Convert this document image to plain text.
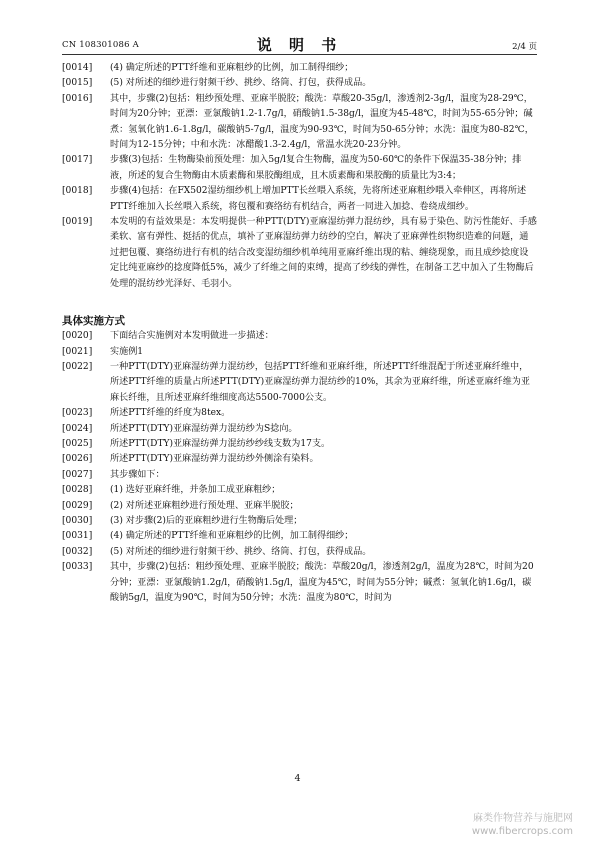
CN 108301086 A	说 明 书	2/4 页
[0014]	(4) 确定所述的PTT纤维和亚麻粗纱的比例，加工制得细纱；
[0015]	(5) 对所述的细纱进行射频干纱、挑纱、络筒、打包，获得成品。
[0016]	其中，步骤(2)包括：粗纱预处理、亚麻半脱胶；酸洗：草酸20-35g/l，渗透剂2-3g/l，温度为28-29℃，时间为20分钟；亚漂：亚氯酸钠1.2-1.7g/l，硝酸钠1.5-38g/l，温度为45-48℃，时间为55-65分钟；碱煮：氢氧化钠1.6-1.8g/l，碳酸钠5-7g/l，温度为90-93℃，时间为50-65分钟；水洗：温度为80-82℃，时间为12-15分钟；中和水洗：冰醋酸1.3-2.4g/l，常温水洗20-23分钟。
[0017]	步骤(3)包括：生物酶染前预处理：加入5g/l复合生物酶，温度为50-60℃的条件下保温35-38分钟；排液，所述的复合生物酶由木质素酶和果胶酶组成，且木质素酶和果胶酶的质量比为3:4；
[0018]	步骤(4)包括：在FX502湿纺细纱机上增加PTT长丝喂入系统，先将所述亚麻粗纱喂入牵伸区，再将所述PTT纤维加入长丝喂入系统，将包覆和赛络纺有机结合，两者一同进入加捻、卷绕成细纱。
[0019]	本发明的有益效果是：本发明提供一种PTT(DTY)亚麻湿纺弹力混纺纱，具有易于染色、防污性能好、手感柔软、富有弹性、挺括的优点，填补了亚麻湿纺弹力纺纱的空白，解决了亚麻弹性织物织造难的问题，通过把包覆、赛络纺进行有机的结合改变湿纺细纱机单纯用亚麻纤维出现的粘、缠绕现象，而且成纱捻度设定比纯亚麻纱的捻度降低5%，减少了纤维之间的束缚，提高了纱线的弹性，在制备工艺中加入了生物酶后处理的混纺纱光泽好、毛羽小。
具体实施方式
[0020]	下面结合实施例对本发明做进一步描述：
[0021]	实施例1
[0022]	一种PTT(DTY)亚麻湿纺弹力混纺纱，包括PTT纤维和亚麻纤维，所述PTT纤维混配于所述亚麻纤维中，所述PTT纤维的质量占所述PTT(DTY)亚麻湿纺弹力混纺纱的10%，其余为亚麻纤维，所述亚麻纤维为亚麻长纤维，且所述亚麻纤维细度高达5500-7000公支。
[0023]	所述PTT纤维的纤度为8tex。
[0024]	所述PTT(DTY)亚麻湿纺弹力混纺纱为S捻向。
[0025]	所述PTT(DTY)亚麻湿纺弹力混纺纱纱线支数为17支。
[0026]	所述PTT(DTY)亚麻湿纺弹力混纺纱外侧涂有染料。
[0027]	其步骤如下：
[0028]	(1) 选好亚麻纤维，并条加工成亚麻粗纱；
[0029]	(2) 对所述亚麻粗纱进行预处理、亚麻半脱胶；
[0030]	(3) 对步骤(2)后的亚麻粗纱进行生物酶后处理；
[0031]	(4) 确定所述的PTT纤维和亚麻粗纱的比例，加工制得细纱；
[0032]	(5) 对所述的细纱进行射频干纱、挑纱、络筒、打包，获得成品。
[0033]	其中，步骤(2)包括：粗纱预处理、亚麻半脱胶；酸洗：草酸20g/l，渗透剂2g/l，温度为28℃，时间为20分钟；亚漂：亚氯酸钠1.2g/l，硝酸钠1.5g/l，温度为45℃，时间为55分钟；碱煮：氢氧化钠1.6g/l，碳酸钠5g/l，温度为90℃，时间为50分钟；水洗：温度为80℃，时间为
4
麻类作物营养与施肥网
www.fibercrops.com
